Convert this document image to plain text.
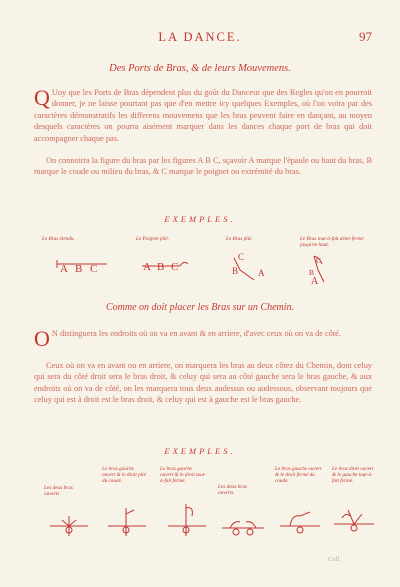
LA DANCE.	97
Des Ports de Bras, & de leurs Mouvemens.
Q Uoy que les Ports de Bras dépendent plus du goût du Danceur que des Regles qu'on en pourroit donner, je ne laisse pourtant pas que d'en mettre icy quelques Exemples, où l'on voira par des caractères démonstratifs les differens mouvemens que les bras peuvent faire en dançant, au moyen desquels caractères on pourra aisément marquer dans les dances chaque port de bras qui doit accompagner chaque pas.
On connoitra la figure du bras par les figures A B C, sçavoir A marque l'épaule ou haut du bras, B marque le coude ou milieu du bras, & C marque le poignet ou extrémité du bras.
EXEMPLES.
Le Bras étendu.	Le Poignet plié.	Le Bras plié.	Le Bras tout-à-fait demi-fermé jusqu'en haut.
A B C	A B C
C
B A
C
B
A
Comme on doit placer les Bras sur un Chemin.
O N distinguera les endroits où on va en avant & en arriere, d'avec ceux où on va de côté.
Ceux où on va en avant ou en arriere, on marquera les bras au deux côtez du Chemin, dont celuy qui sera du côté droit sera le bras droit, & celuy qui sera au côté gauche sera le bras gauche, & aux endroits où on va de côté, on les marquera tous deux audessus ou audessous, observant toujours que celuy qui est à droit est le bras droit, & celuy qui est à gauche est le bras gauche.
EXEMPLES.
Les deux bras ouverts
Le bras gauche ouvert & le droit plié du coude.
Le bras gauche ouvert & le droit tout-à-fait fermé.
Les deux bras ouverts.
Le bras gauche ouvert & le droit fermé du coude.
Le bras droit ouvert & le gauche tout-à-fait fermé.
Coll.
